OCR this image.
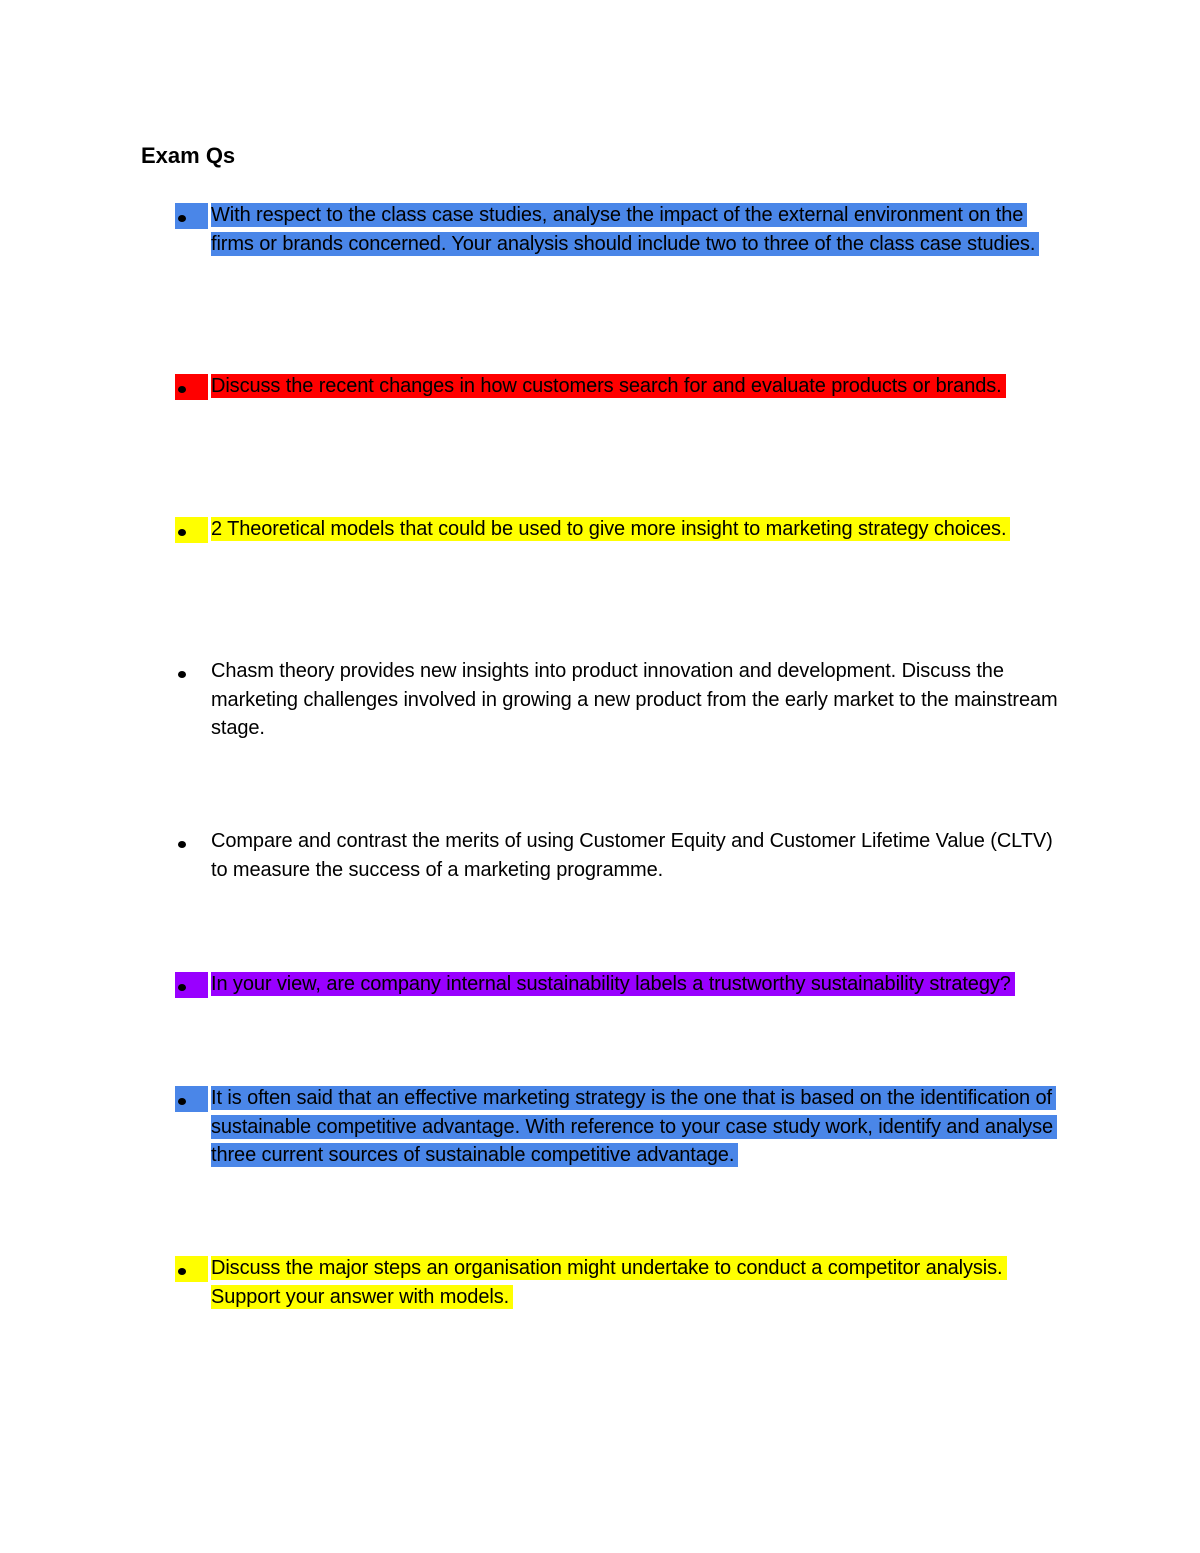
Exam Qs
With respect to the class case studies, analyse the impact of the external environment on the firms or brands concerned. Your analysis should include two to three of the class case studies.
Discuss the recent changes in how customers search for and evaluate products or brands.
2 Theoretical models that could be used to give more insight to marketing strategy choices.
Chasm theory provides new insights into product innovation and development. Discuss the marketing challenges involved in growing a new product from the early market to the mainstream stage.
Compare and contrast the merits of using Customer Equity and Customer Lifetime Value (CLTV) to measure the success of a marketing programme.
In your view, are company internal sustainability labels a trustworthy sustainability strategy?
It is often said that an effective marketing strategy is the one that is based on the identification of sustainable competitive advantage. With reference to your case study work, identify and analyse three current sources of sustainable competitive advantage.
Discuss the major steps an organisation might undertake to conduct a competitor analysis. Support your answer with models.
